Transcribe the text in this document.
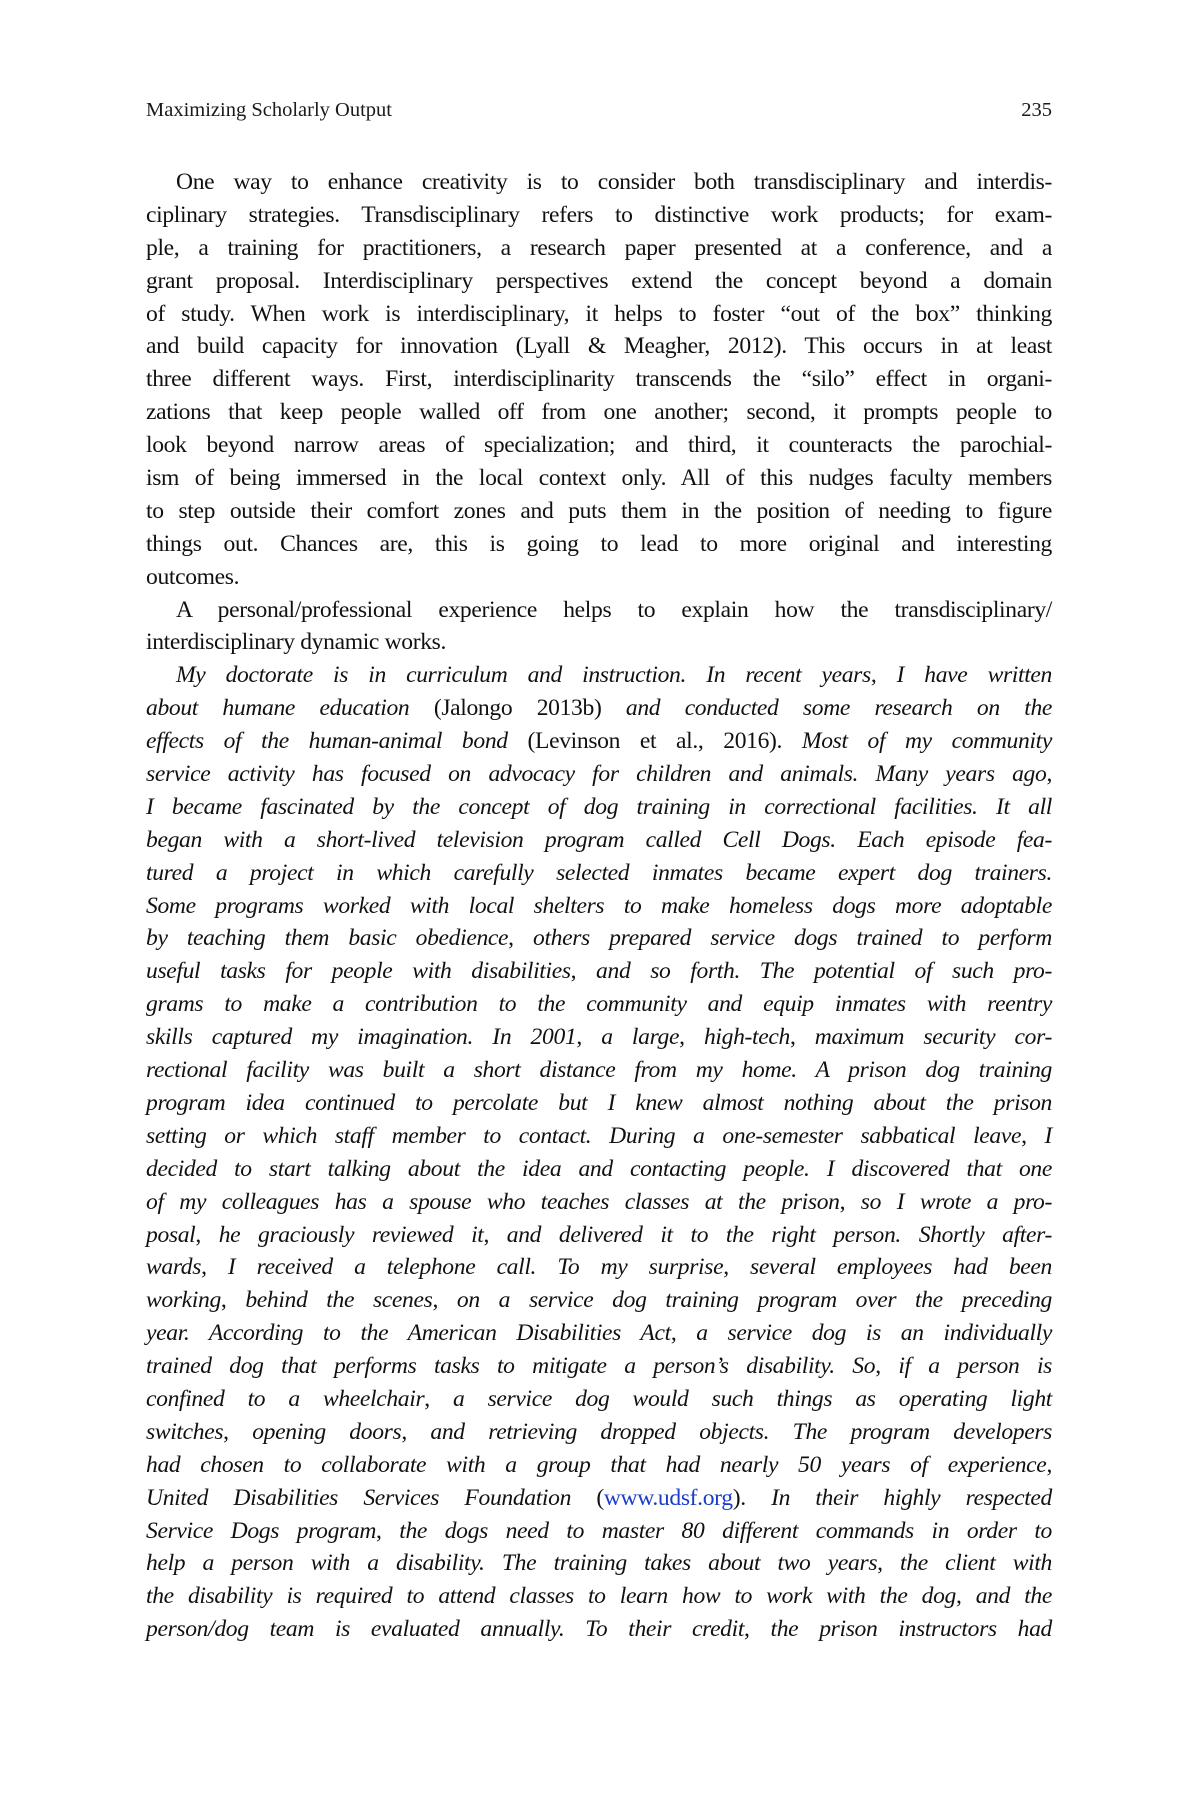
Maximizing Scholarly Output	235
One way to enhance creativity is to consider both transdisciplinary and interdis-
ciplinary strategies. Transdisciplinary refers to distinctive work products; for exam-
ple, a training for practitioners, a research paper presented at a conference, and a
grant proposal. Interdisciplinary perspectives extend the concept beyond a domain
of study. When work is interdisciplinary, it helps to foster “out of the box” thinking
and build capacity for innovation (Lyall & Meagher, 2012). This occurs in at least
three different ways. First, interdisciplinarity transcends the “silo” effect in organi-
zations that keep people walled off from one another; second, it prompts people to
look beyond narrow areas of specialization; and third, it counteracts the parochial-
ism of being immersed in the local context only. All of this nudges faculty members
to step outside their comfort zones and puts them in the position of needing to figure
things out. Chances are, this is going to lead to more original and interesting
outcomes.
A personal/professional experience helps to explain how the transdisciplinary/
interdisciplinary dynamic works.
My doctorate is in curriculum and instruction. In recent years, I have written
about humane education (Jalongo 2013b) and conducted some research on the
effects of the human-animal bond (Levinson et al., 2016). Most of my community
service activity has focused on advocacy for children and animals. Many years ago,
I became fascinated by the concept of dog training in correctional facilities. It all
began with a short-lived television program called Cell Dogs. Each episode fea-
tured a project in which carefully selected inmates became expert dog trainers.
Some programs worked with local shelters to make homeless dogs more adoptable
by teaching them basic obedience, others prepared service dogs trained to perform
useful tasks for people with disabilities, and so forth. The potential of such pro-
grams to make a contribution to the community and equip inmates with reentry
skills captured my imagination. In 2001, a large, high-tech, maximum security cor-
rectional facility was built a short distance from my home. A prison dog training
program idea continued to percolate but I knew almost nothing about the prison
setting or which staff member to contact. During a one-semester sabbatical leave, I
decided to start talking about the idea and contacting people. I discovered that one
of my colleagues has a spouse who teaches classes at the prison, so I wrote a pro-
posal, he graciously reviewed it, and delivered it to the right person. Shortly after-
wards, I received a telephone call. To my surprise, several employees had been
working, behind the scenes, on a service dog training program over the preceding
year. According to the American Disabilities Act, a service dog is an individually
trained dog that performs tasks to mitigate a person’s disability. So, if a person is
confined to a wheelchair, a service dog would such things as operating light
switches, opening doors, and retrieving dropped objects. The program developers
had chosen to collaborate with a group that had nearly 50 years of experience,
United Disabilities Services Foundation (www.udsf.org). In their highly respected
Service Dogs program, the dogs need to master 80 different commands in order to
help a person with a disability. The training takes about two years, the client with
the disability is required to attend classes to learn how to work with the dog, and the
person/dog team is evaluated annually. To their credit, the prison instructors had
